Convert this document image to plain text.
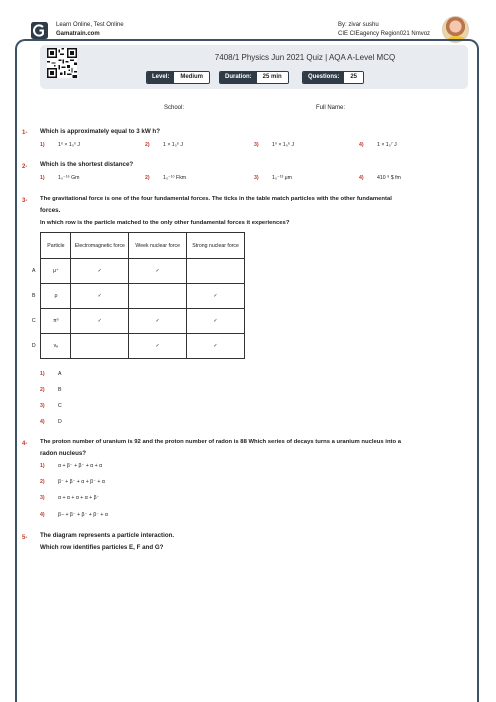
Learn Online, Test Online
Gamatrain.com
By: zivar sushu
CIE CIEagency Region021 Nmvoz
7408/1 Physics Jun 2021 Quiz | AQA A-Level MCQ
Level:	Medium	Duration:	25 min	Questions:	25
School:	Full Name:
1- Which is approximately equal to 3 kW h?
1)	1⁰ × 1₀⁰ J	2)	1 × 1₀⁶ J	3)	1⁰ × 1₀⁶ J	4)	1 × 1₀⁷ J
2- Which is the shortest distance?
1)	1₀⁻¹⁶ Gm	2)	1₀⁻¹⁰ Fkm	3)	1₀⁻¹³ μm	4)	410 ⁹ $ fm
3- The gravitational force is one of the four fundamental forces. The ticks in the table match particles with the other fundamental
forces.
In which row is the particle matched to the only other fundamental forces it experiences?
	Particle	Electromagnetic force	Week nuclear force	Strong nuclear force
A	μ⁺	✓	✓	
B	ρ	✓		✓
C	π⁰	✓	✓	✓
D	νₑ		✓	✓
1)	A
2)	B
3)	C
4)	D
4- The proton number of uranium is 92 and the proton number of radon is 88 Which series of decays turns a uranium nucleus into a
radon nucleus?
1)	α + β⁻ + β⁻ + α + α
2)	β⁻ + β⁻ + α + β⁻ + α
3)	α + α + α + α + β⁻
4)	β− + β⁻ + β⁻ + β⁻ + α
5- The diagram represents a particle interaction.
Which row identifies particles E, F and G?
